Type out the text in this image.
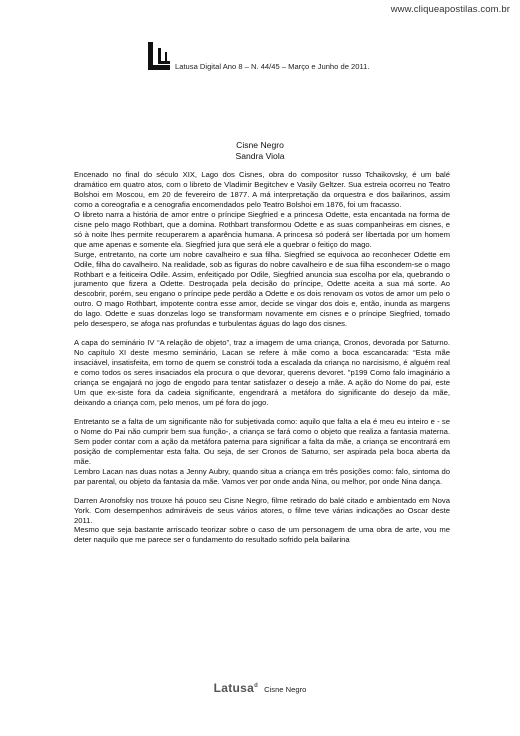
www.cliqueapostilas.com.br
Latusa Digital Ano 8 – N. 44/45 – Março e Junho de 2011.
Cisne Negro
Sandra Viola

Encenado no final do século XIX, Lago dos Cisnes, obra do compositor russo Tchaikovsky, é um balé dramático em quatro atos, com o libreto de Vladimir Begitchev e Vasily Geltzer. Sua estreia ocorreu no Teatro Bolshoi em Moscou, em 20 de fevereiro de 1877. A má interpretação da orquestra e dos bailarinos, assim como a coreografia e a cenografia encomendados pelo Teatro Bolshoi em 1876, foi um fracasso.

O libreto narra a história de amor entre o príncipe Siegfried e a princesa Odette, esta encantada na forma de cisne pelo mago Rothbart, que a domina. Rothbart transformou Odette e as suas companheiras em cisnes, e só à noite lhes permite recuperarem a aparência humana. A princesa só poderá ser libertada por um homem que ame apenas e somente ela. Siegfried jura que será ele a quebrar o feitiço do mago.

Surge, entretanto, na corte um nobre cavalheiro e sua filha. Siegfried se equivoca ao reconhecer Odette em Odile, filha do cavalheiro. Na realidade, sob as figuras do nobre cavalheiro e de sua filha escondem-se o mago Rothbart e a feiticeira Odile. Assim, enfeitiçado por Odile, Siegfried anuncia sua escolha por ela, quebrando o juramento que fizera a Odette. Destroçada pela decisão do príncipe, Odette aceita a sua má sorte. Ao descobrir, porém, seu engano o príncipe pede perdão a Odette e os dois renovam os votos de amor um pelo o outro. O mago Rothbart, impotente contra esse amor, decide se vingar dos dois e, então, inunda as margens do lago. Odette e suas donzelas logo se transformam novamente em cisnes e o príncipe Siegfried, tomado pelo desespero, se afoga nas profundas e turbulentas águas do lago dos cisnes.

A capa do seminário IV “A relação de objeto”, traz a imagem de uma criança, Cronos, devorada por Saturno. No capítulo XI deste mesmo seminário, Lacan se refere à mãe como a boca escancarada: “Esta mãe insaciável, insatisfeita, em torno de quem se constrói toda a escalada da criança no narcisismo, é alguém real e como todos os seres insaciados ela procura o que devorar, querens devoret. ”p199 Como falo imaginário a criança se engajará no jogo de engodo para tentar satisfazer o desejo a mãe. A ação do Nome do pai, este Um que ex-siste fora da cadeia significante, engendrará a metáfora do significante do desejo da mãe, deixando a criança com, pelo menos, um pé fora do jogo.

Entretanto se a falta de um significante não for subjetivada como: aquilo que falta a ela é meu eu inteiro e - se o Nome do Pai não cumprir bem sua função-, a criança se fará como o objeto que realiza a fantasia materna. Sem poder contar com a ação da metáfora paterna para significar a falta da mãe, a criança se encontrará em posição de complementar esta falta. Ou seja, de ser Cronos de Saturno, ser aspirada pela boca aberta da mãe.

Lembro Lacan nas duas notas a Jenny Aubry, quando situa a criança em três posições como: falo, sintoma do par parental, ou objeto da fantasia da mãe. Vamos ver por onde anda Nina, ou melhor, por onde Nina dança.

Darren Aronofsky nos trouxe há pouco seu Cisne Negro, filme retirado do balé citado e ambientado em Nova York. Com desempenhos admiráveis de seus vários atores, o filme teve várias indicações ao Oscar deste 2011.

Mesmo que seja bastante arriscado teorizar sobre o caso de um personagem de uma obra de arte, vou me deter naquilo que me parece ser o fundamento do resultado sofrido pela bailarina

Latusa$^d$ Cisne Negro
